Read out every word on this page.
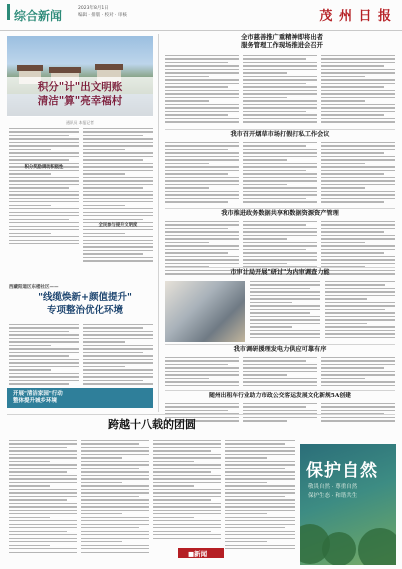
综合新闻
2023年8月1日
编辑 · 排版 · 校对 · 审核	茂 州 日 报
积分"计"出文明账
清洁"算"亮幸福村
通讯员 本报记者
积分奖励调动积极性
全民参与提升文明度
西藏阳道区东楼社区——
"线缆焕新+颜值提升"
专项整治优化环境
开展"清洁家园"行动
整体提升城乡环境
全市慈善推广重精神即将出者
服务管理工作现场推进会召开
我市召开烟草市场打假打私工作会议
我市推进政务数据共享和数据资源资产管理
市审计局开展"研讨"为内审调查力能
我市调研援理发电力供应可靠有序
随州出租车行业助力市政公交客运发展文化新规5A创建
跨越十八载的团圆
保护自然
敬畏自然 · 尊重自然
保护生态 · 和谐共生
■新闻
